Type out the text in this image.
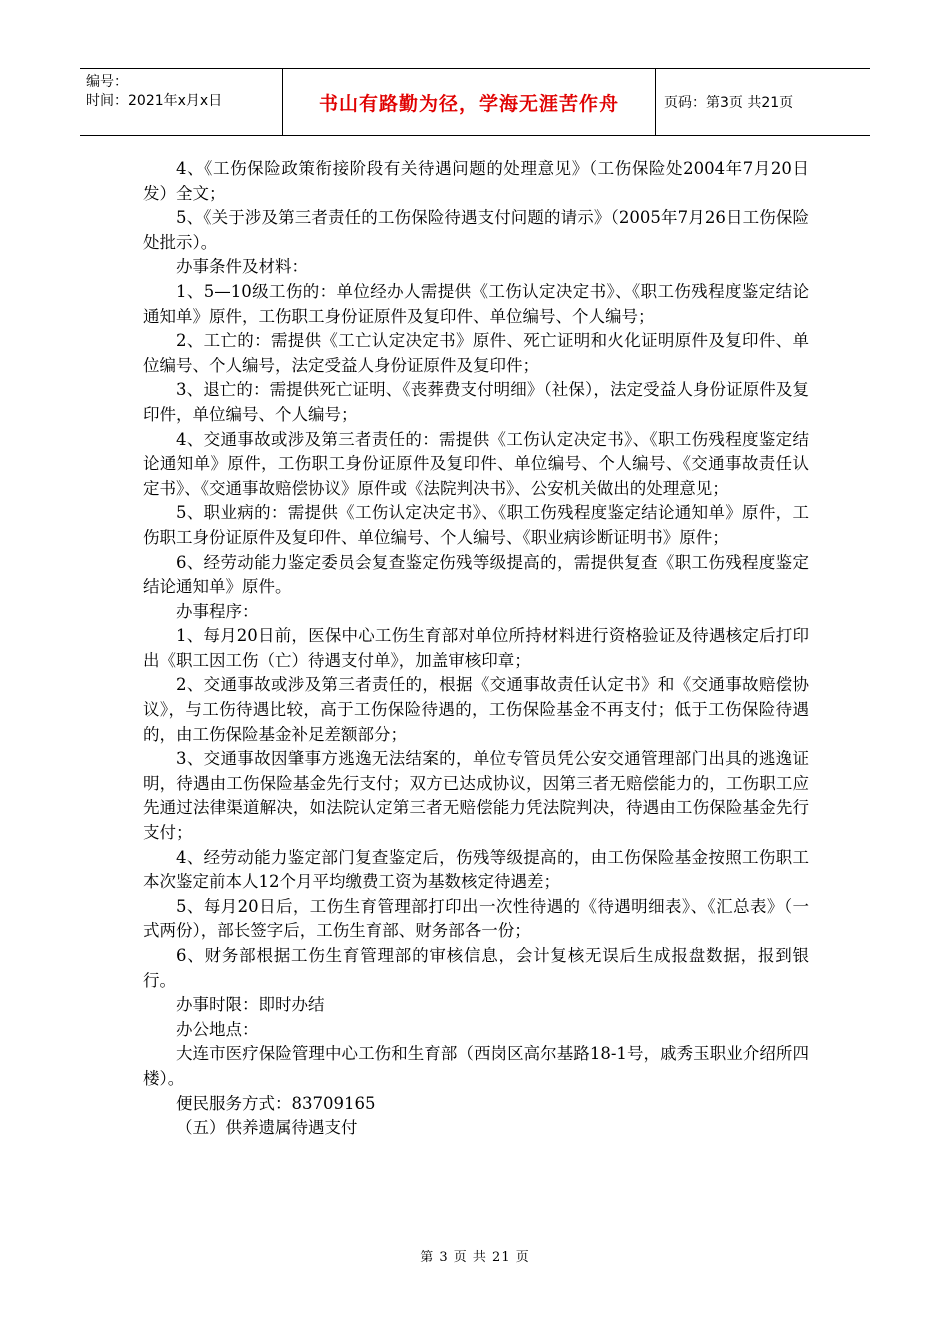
编号：
时间：2021年x月x日	书山有路勤为径，学海无涯苦作舟	页码：第3页 共21页

4、《工伤保险政策衔接阶段有关待遇问题的处理意见》（工伤保险处2004年7月20日发）全文；

5、《关于涉及第三者责任的工伤保险待遇支付问题的请示》（2005年7月26日工伤保险处批示）。

办事条件及材料：

1、5—10级工伤的：单位经办人需提供《工伤认定决定书》、《职工伤残程度鉴定结论通知单》原件，工伤职工身份证原件及复印件、单位编号、个人编号；

2、工亡的：需提供《工亡认定决定书》原件、死亡证明和火化证明原件及复印件、单位编号、个人编号，法定受益人身份证原件及复印件；

3、退亡的：需提供死亡证明、《丧葬费支付明细》（社保），法定受益人身份证原件及复印件，单位编号、个人编号；

4、交通事故或涉及第三者责任的：需提供《工伤认定决定书》、《职工伤残程度鉴定结论通知单》原件，工伤职工身份证原件及复印件、单位编号、个人编号、《交通事故责任认定书》、《交通事故赔偿协议》原件或《法院判决书》、公安机关做出的处理意见；

5、职业病的：需提供《工伤认定决定书》、《职工伤残程度鉴定结论通知单》原件，工伤职工身份证原件及复印件、单位编号、个人编号、《职业病诊断证明书》原件；

6、经劳动能力鉴定委员会复查鉴定伤残等级提高的，需提供复查《职工伤残程度鉴定结论通知单》原件。

办事程序：

1、每月20日前，医保中心工伤生育部对单位所持材料进行资格验证及待遇核定后打印出《职工因工伤（亡）待遇支付单》，加盖审核印章；

2、交通事故或涉及第三者责任的，根据《交通事故责任认定书》和《交通事故赔偿协议》，与工伤待遇比较，高于工伤保险待遇的，工伤保险基金不再支付；低于工伤保险待遇的，由工伤保险基金补足差额部分；

3、交通事故因肇事方逃逸无法结案的，单位专管员凭公安交通管理部门出具的逃逸证明，待遇由工伤保险基金先行支付；双方已达成协议，因第三者无赔偿能力的，工伤职工应先通过法律渠道解决，如法院认定第三者无赔偿能力凭法院判决，待遇由工伤保险基金先行支付；

4、经劳动能力鉴定部门复查鉴定后，伤残等级提高的，由工伤保险基金按照工伤职工本次鉴定前本人12个月平均缴费工资为基数核定待遇差；

5、每月20日后，工伤生育管理部打印出一次性待遇的《待遇明细表》、《汇总表》（一式两份），部长签字后，工伤生育部、财务部各一份；

6、财务部根据工伤生育管理部的审核信息，会计复核无误后生成报盘数据，报到银行。

办事时限：即时办结

办公地点：

大连市医疗保险管理中心工伤和生育部（西岗区高尔基路18-1号，戚秀玉职业介绍所四楼）。

便民服务方式：83709165

（五）供养遗属待遇支付

第 3 页 共 21 页
